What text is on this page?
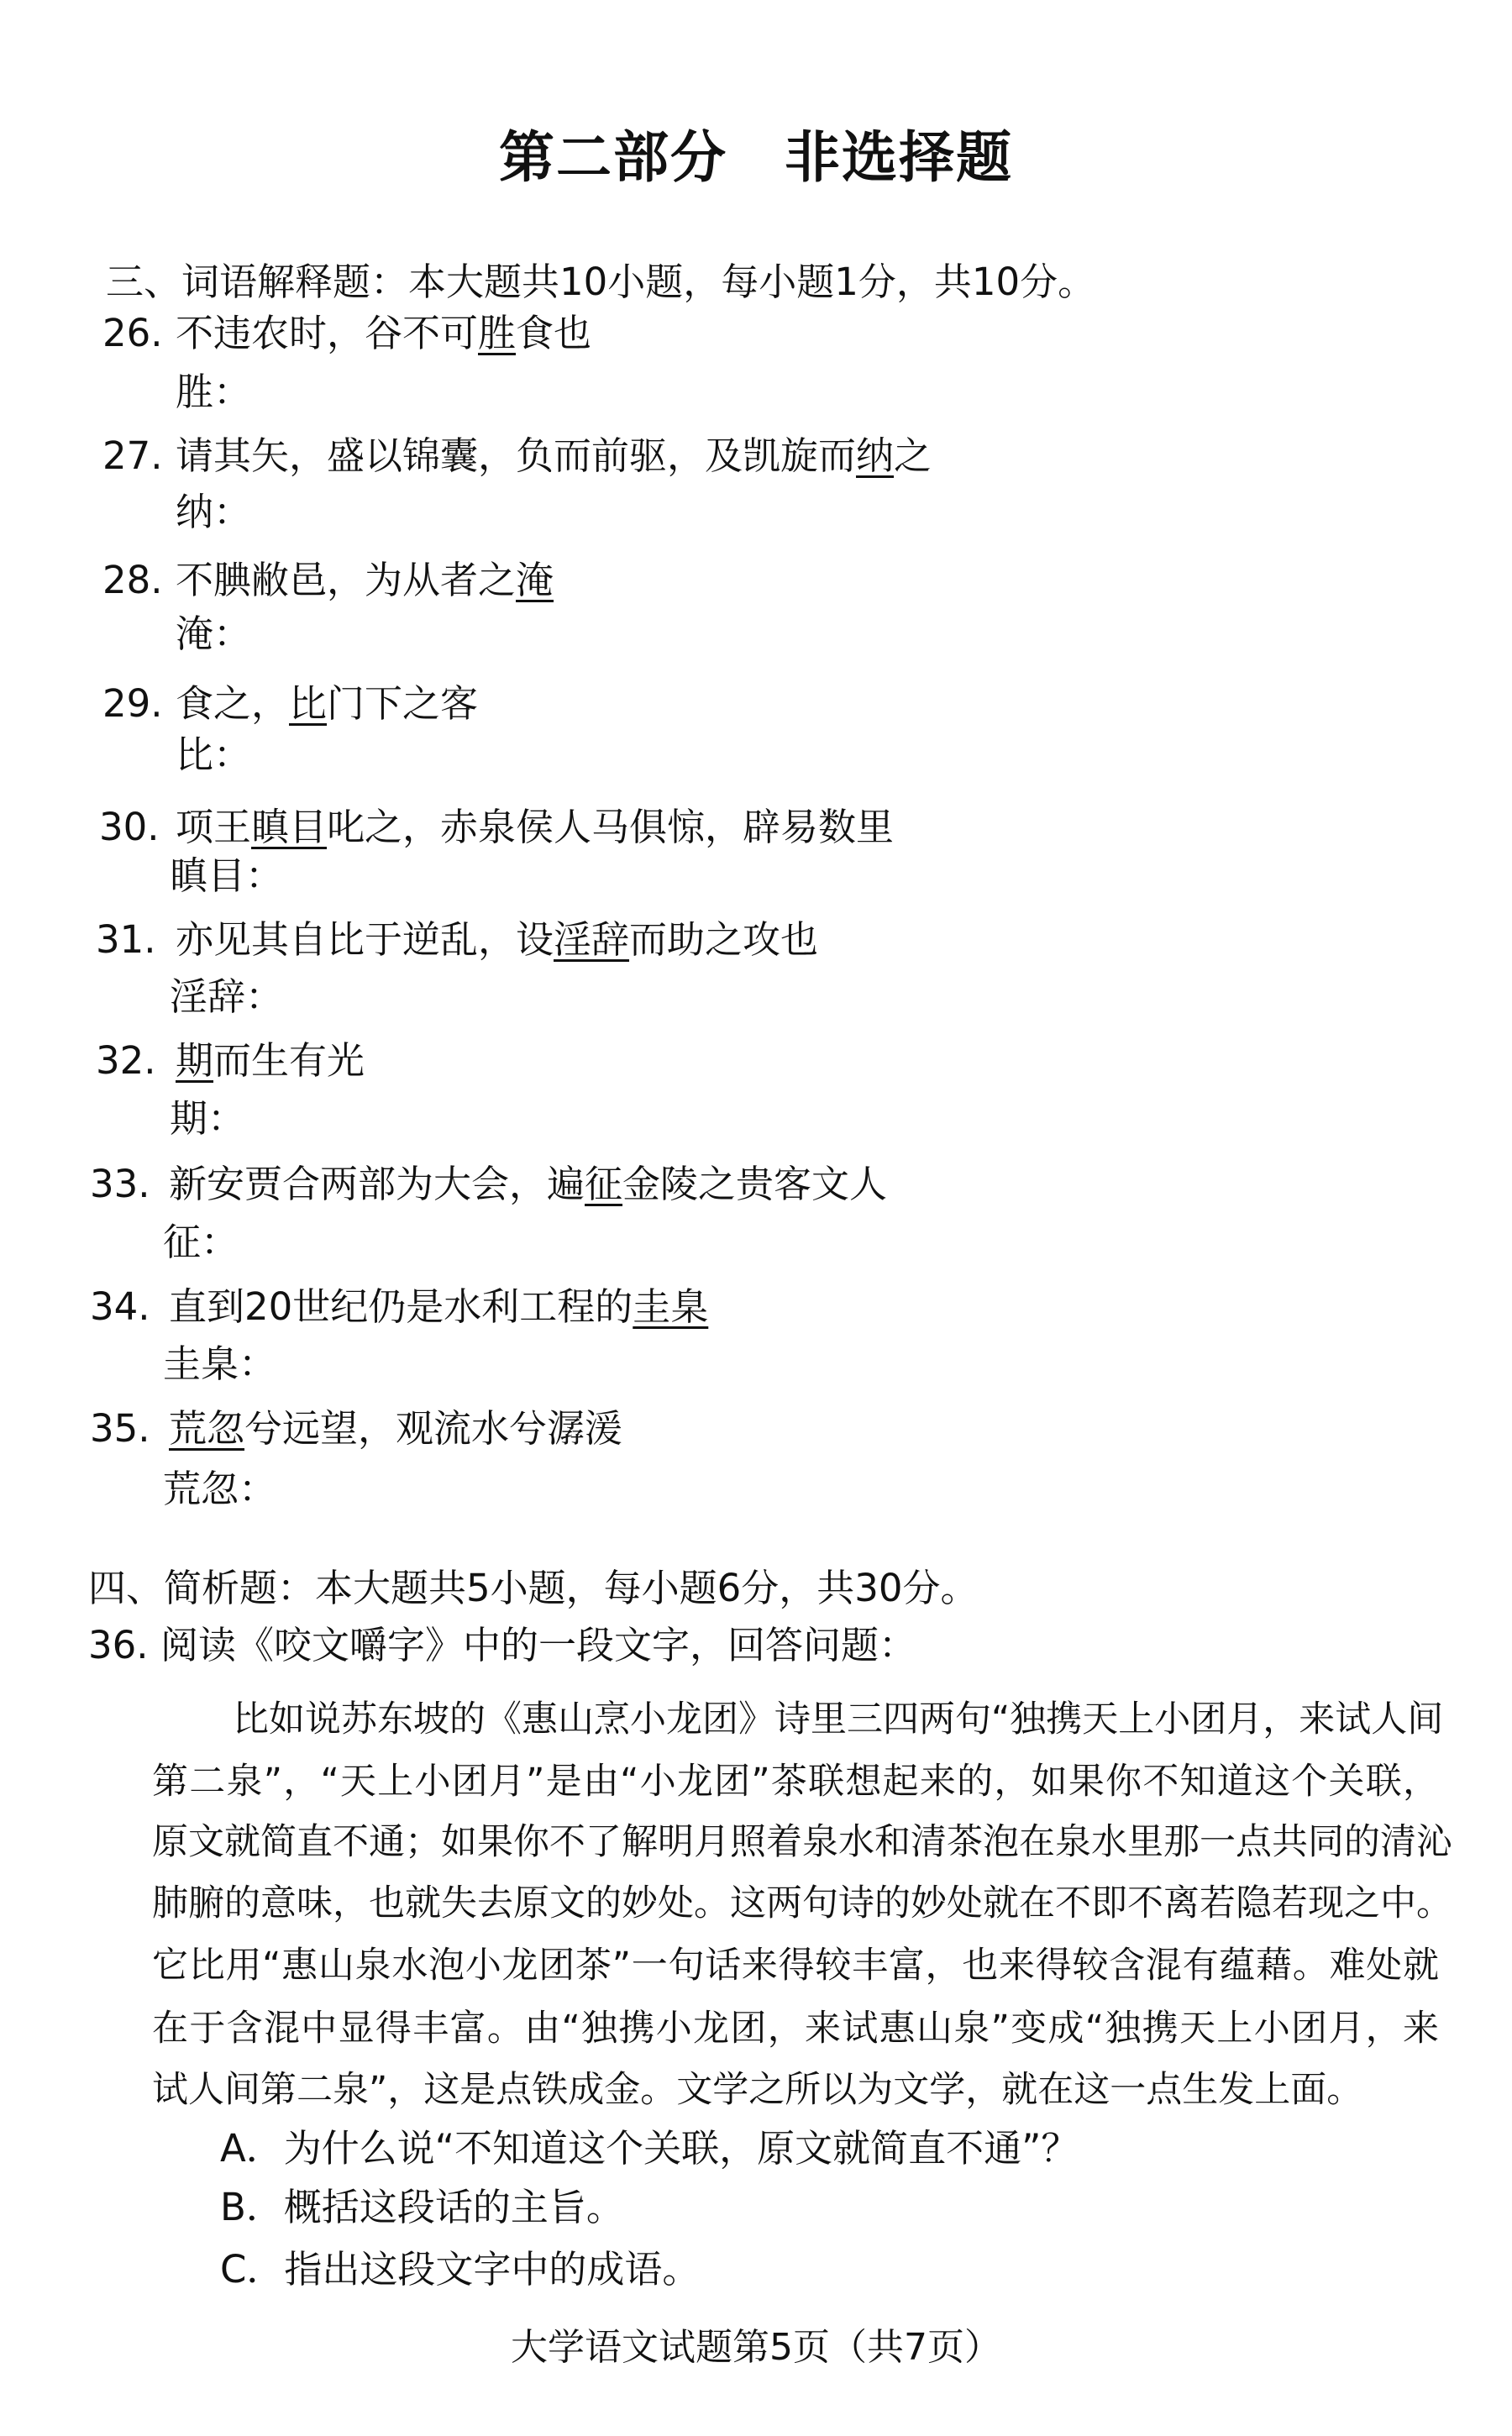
第二部分　非选择题
三、词语解释题：本大题共10小题，每小题1分，共10分。
26. 不违农时，谷不可胜食也
胜：
27. 请其矢，盛以锦囊，负而前驱，及凯旋而纳之
纳：
28. 不腆敝邑，为从者之淹
淹：
29. 食之，比门下之客
比：
30. 项王瞋目叱之，赤泉侯人马俱惊，辟易数里
瞋目：
31. 亦见其自比于逆乱，设淫辞而助之攻也
淫辞：
32. 期而生有光
期：
33. 新安贾合两部为大会，遍征金陵之贵客文人
征：
34. 直到20世纪仍是水利工程的圭臬
圭臬：
35. 荒忽兮远望，观流水兮潺湲
荒忽：
四、简析题：本大题共5小题，每小题6分，共30分。
36. 阅读《咬文嚼字》中的一段文字，回答问题：
比如说苏东坡的《惠山烹小龙团》诗里三四两句“独携天上小团月，来试人间
第二泉”，“天上小团月”是由“小龙团”茶联想起来的，如果你不知道这个关联，
原文就简直不通；如果你不了解明月照着泉水和清茶泡在泉水里那一点共同的清沁
肺腑的意味，也就失去原文的妙处。这两句诗的妙处就在不即不离若隐若现之中。
它比用“惠山泉水泡小龙团茶”一句话来得较丰富，也来得较含混有蕴藉。难处就
在于含混中显得丰富。由“独携小龙团，来试惠山泉”变成“独携天上小团月，来
试人间第二泉”，这是点铁成金。文学之所以为文学，就在这一点生发上面。
A．为什么说“不知道这个关联，原文就简直不通”？
B．概括这段话的主旨。
C．指出这段文字中的成语。
大学语文试题第5页（共7页）
